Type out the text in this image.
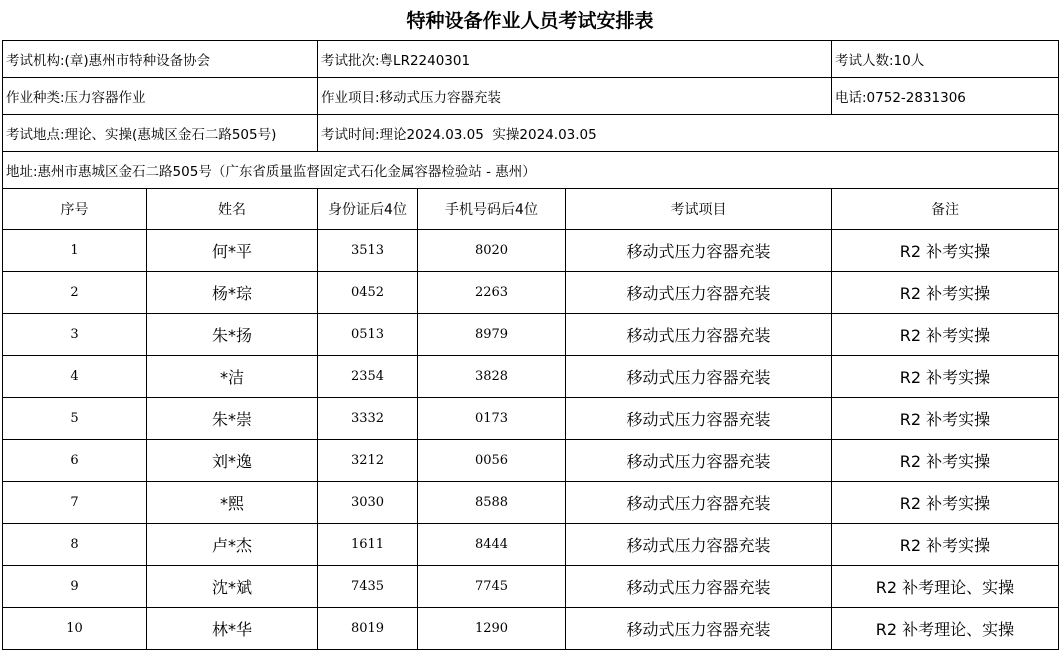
特种设备作业人员考试安排表
考试机构:(章)惠州市特种设备协会	考试批次:粤LR2240301	考试人数:10人
作业种类:压力容器作业	作业项目:移动式压力容器充装	电话:0752-2831306
考试地点:理论、实操(惠城区金石二路505号)	考试时间:理论2024.03.05  实操2024.03.05	
地址:惠州市惠城区金石二路505号（广东省质量监督固定式石化金属容器检验站 - 惠州）		
序号	姓名	身份证后4位	手机号码后4位	考试项目	备注
1	何*平	3513	8020	移动式压力容器充装	R2 补考实操
2	杨*琮	0452	2263	移动式压力容器充装	R2 补考实操
3	朱*扬	0513	8979	移动式压力容器充装	R2 补考实操
4	*洁	2354	3828	移动式压力容器充装	R2 补考实操
5	朱*崇	3332	0173	移动式压力容器充装	R2 补考实操
6	刘*逸	3212	0056	移动式压力容器充装	R2 补考实操
7	*熙	3030	8588	移动式压力容器充装	R2 补考实操
8	卢*杰	1611	8444	移动式压力容器充装	R2 补考实操
9	沈*斌	7435	7745	移动式压力容器充装	R2 补考理论、实操
10	林*华	8019	1290	移动式压力容器充装	R2 补考理论、实操
